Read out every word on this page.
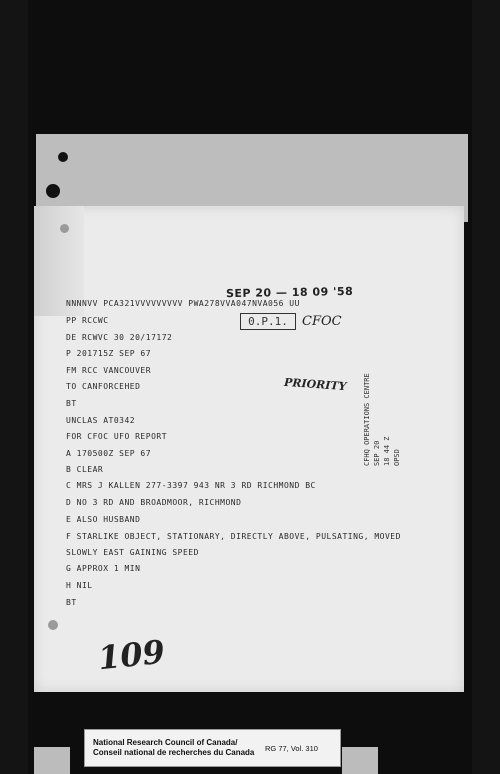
SEP 20 — 18 09 '58
NNNNVV PCA321VVVVVVVVV PWA278VVA047NVA056 UU
PP RCCWC	0.P.1.	CFOC
DE RCWVC 30 20/17172
P 201715Z SEP 67
FM RCC VANCOUVER
TO CANFORCEHED	PRIORITY
BT
UNCLAS AT0342
FOR CFOC UFO REPORT
A 170500Z SEP 67
B CLEAR
C MRS J KALLEN 277-3397 943 NR 3 RD RICHMOND BC
D NO 3 RD AND BROADMOOR, RICHMOND
E ALSO HUSBAND
F STARLIKE OBJECT, STATIONARY, DIRECTLY ABOVE, PULSATING, MOVED
SLOWLY EAST GAINING SPEED
G APPROX 1 MIN
H NIL
BT
CFHQ OPERATIONS CENTRE SEP 20 18 44 Z OPSD
109
National Research Council of Canada/
Conseil national de recherches du Canada RG 77, Vol. 310
